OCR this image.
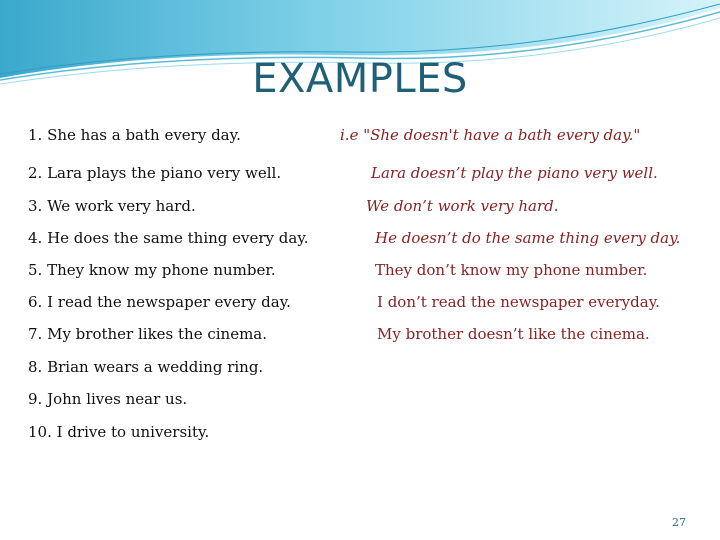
EXAMPLES
1. She has a bath every day.
2. Lara plays the piano very well.
3. We work very hard.
4. He does the same thing every day.
5. They know my phone number.
6. I read the newspaper every day.
7. My brother likes the cinema.
8. Brian wears a wedding ring.
9. John lives near us.
10. I drive to university.
i.e "She doesn't have a bath every day."
Lara doesn’t play the piano very well.
We don’t work very hard.
He doesn’t do the same thing every day.
They don’t know my phone number.
I don’t read the newspaper everyday.
My brother doesn’t like the cinema.
27
